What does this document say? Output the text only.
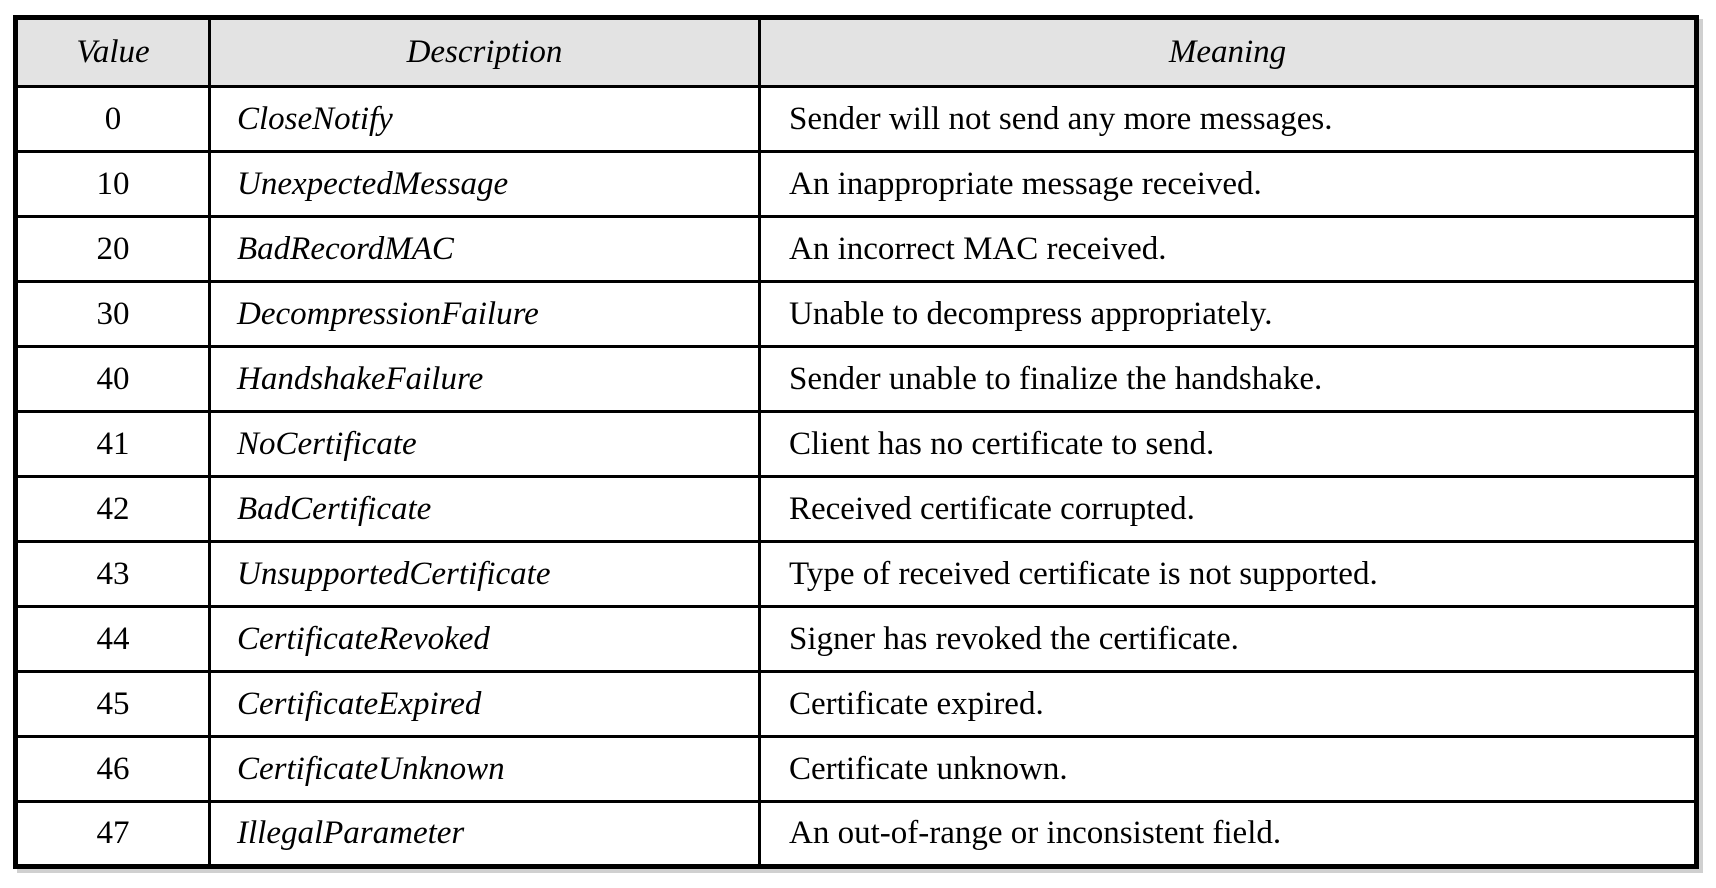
Value	Description	Meaning
0	CloseNotify	Sender will not send any more messages.
10	UnexpectedMessage	An inappropriate message received.
20	BadRecordMAC	An incorrect MAC received.
30	DecompressionFailure	Unable to decompress appropriately.
40	HandshakeFailure	Sender unable to finalize the handshake.
41	NoCertificate	Client has no certificate to send.
42	BadCertificate	Received certificate corrupted.
43	UnsupportedCertificate	Type of received certificate is not supported.
44	CertificateRevoked	Signer has revoked the certificate.
45	CertificateExpired	Certificate expired.
46	CertificateUnknown	Certificate unknown.
47	IllegalParameter	An out-of-range or inconsistent field.
